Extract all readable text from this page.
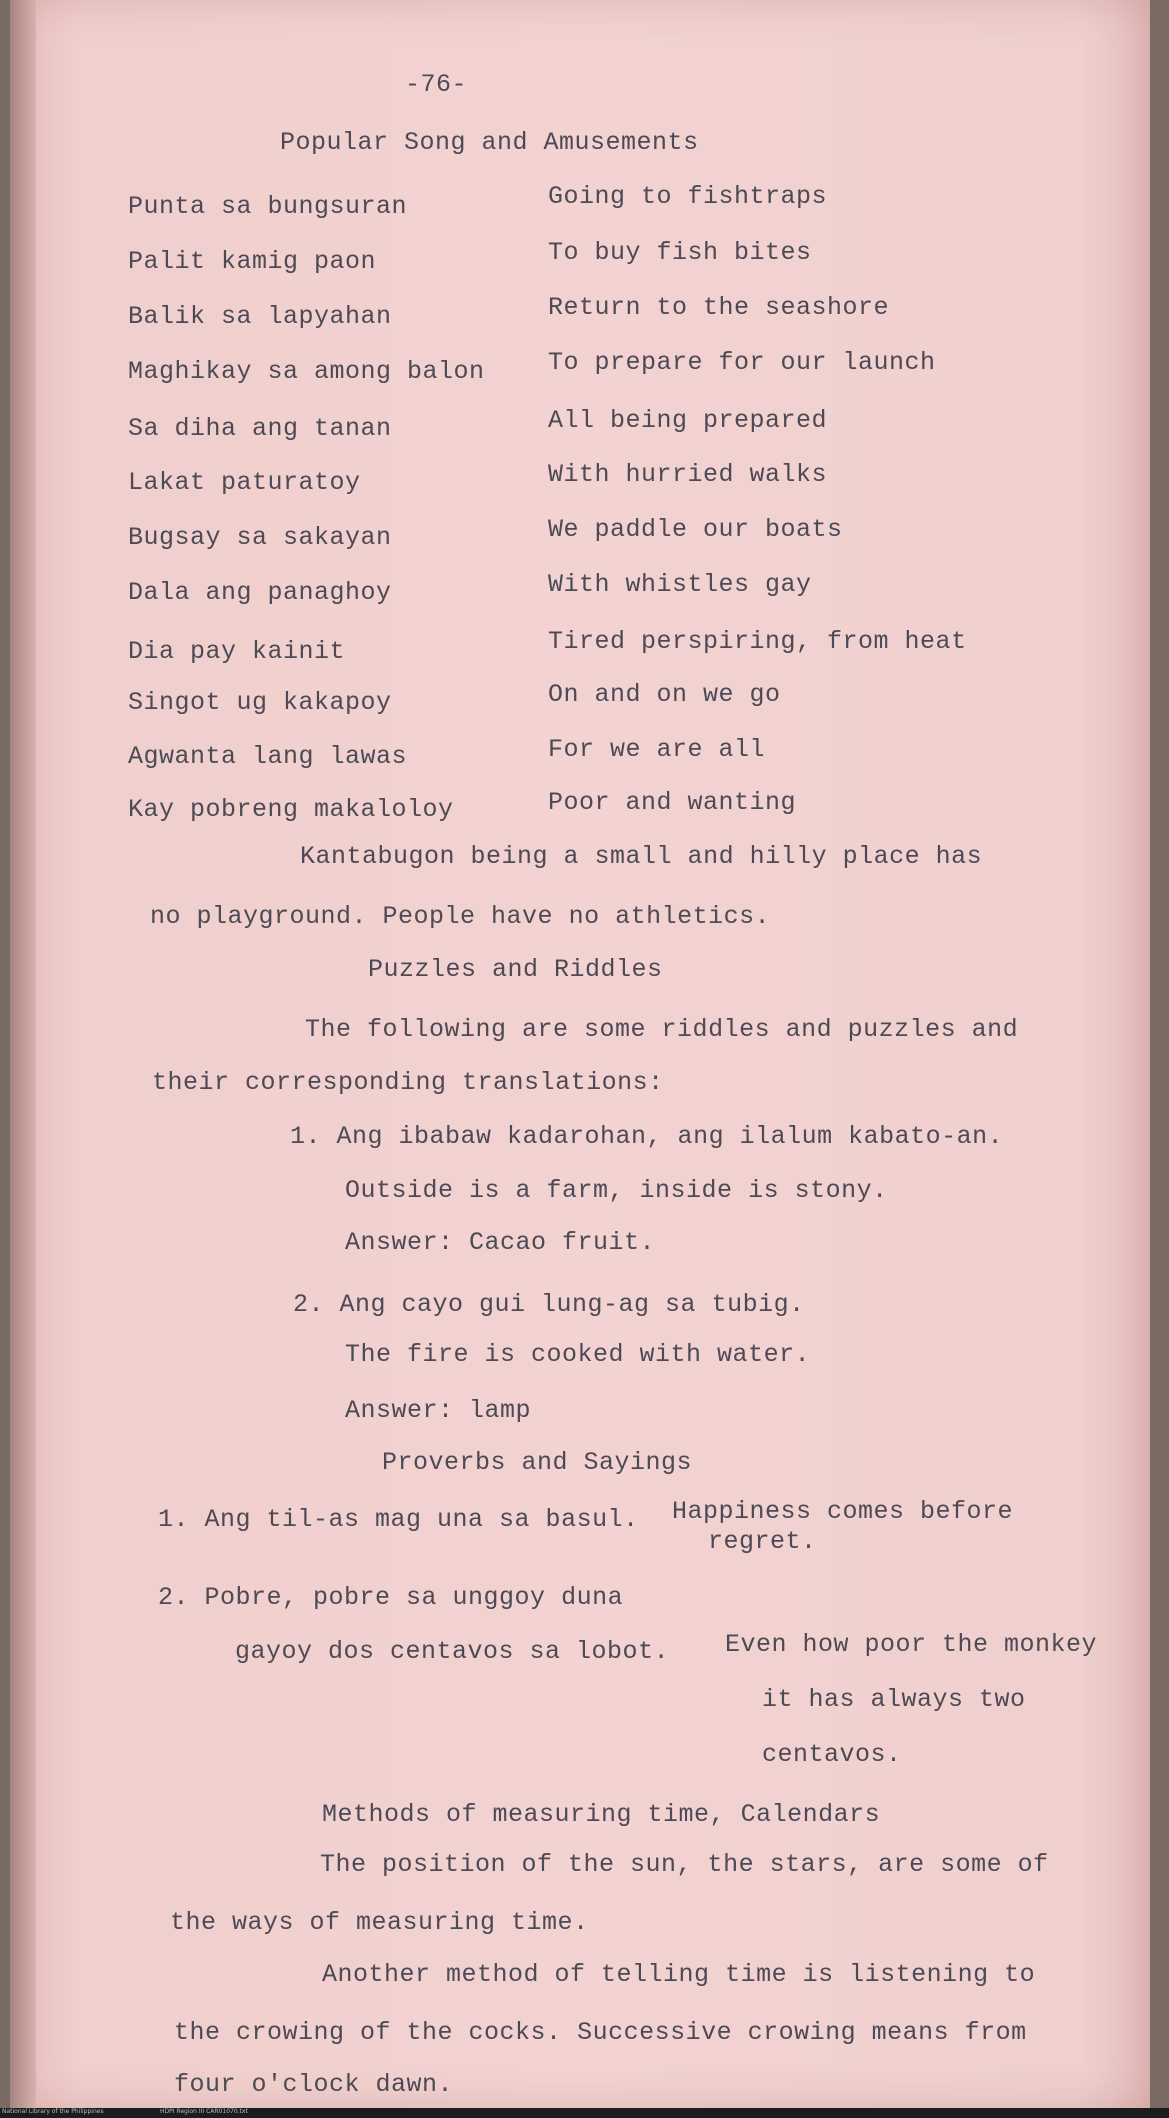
-76-
Popular Song and Amusements
Punta sa bungsuran	Going to fishtraps
Palit kamig paon	To buy fish bites
Balik sa lapyahan	Return to the seashore
Maghikay sa among balon	To prepare for our launch
Sa diha ang tanan	All being prepared
Lakat paturatoy	With hurried walks
Bugsay sa sakayan	We paddle our boats
Dala ang panaghoy	With whistles gay
Dia pay kainit	Tired perspiring, from heat
Singot ug kakapoy	On and on we go
Agwanta lang lawas	For we are all
Kay pobreng makaloloy	Poor and wanting
Kantabugon being a small and hilly place has
no playground. People have no athletics.
Puzzles and Riddles
The following are some riddles and puzzles and
their corresponding translations:
1. Ang ibabaw kadarohan, ang ilalum kabato-an.
Outside is a farm, inside is stony.
Answer: Cacao fruit.
2. Ang cayo gui lung-ag sa tubig.
The fire is cooked with water.
Answer: lamp
Proverbs and Sayings
1. Ang til-as mag una sa basul. Happiness comes before
regret.
2. Pobre, pobre sa unggoy duna
gayoy dos centavos sa lobot. Even how poor the monkey
it has always two
centavos.
Methods of measuring time, Calendars
The position of the sun, the stars, are some of
the ways of measuring time.
Another method of telling time is listening to
the crowing of the cocks. Successive crowing means from
four o'clock dawn.
National Library of the Philippines	HDPI Region III CAR01070.txt
